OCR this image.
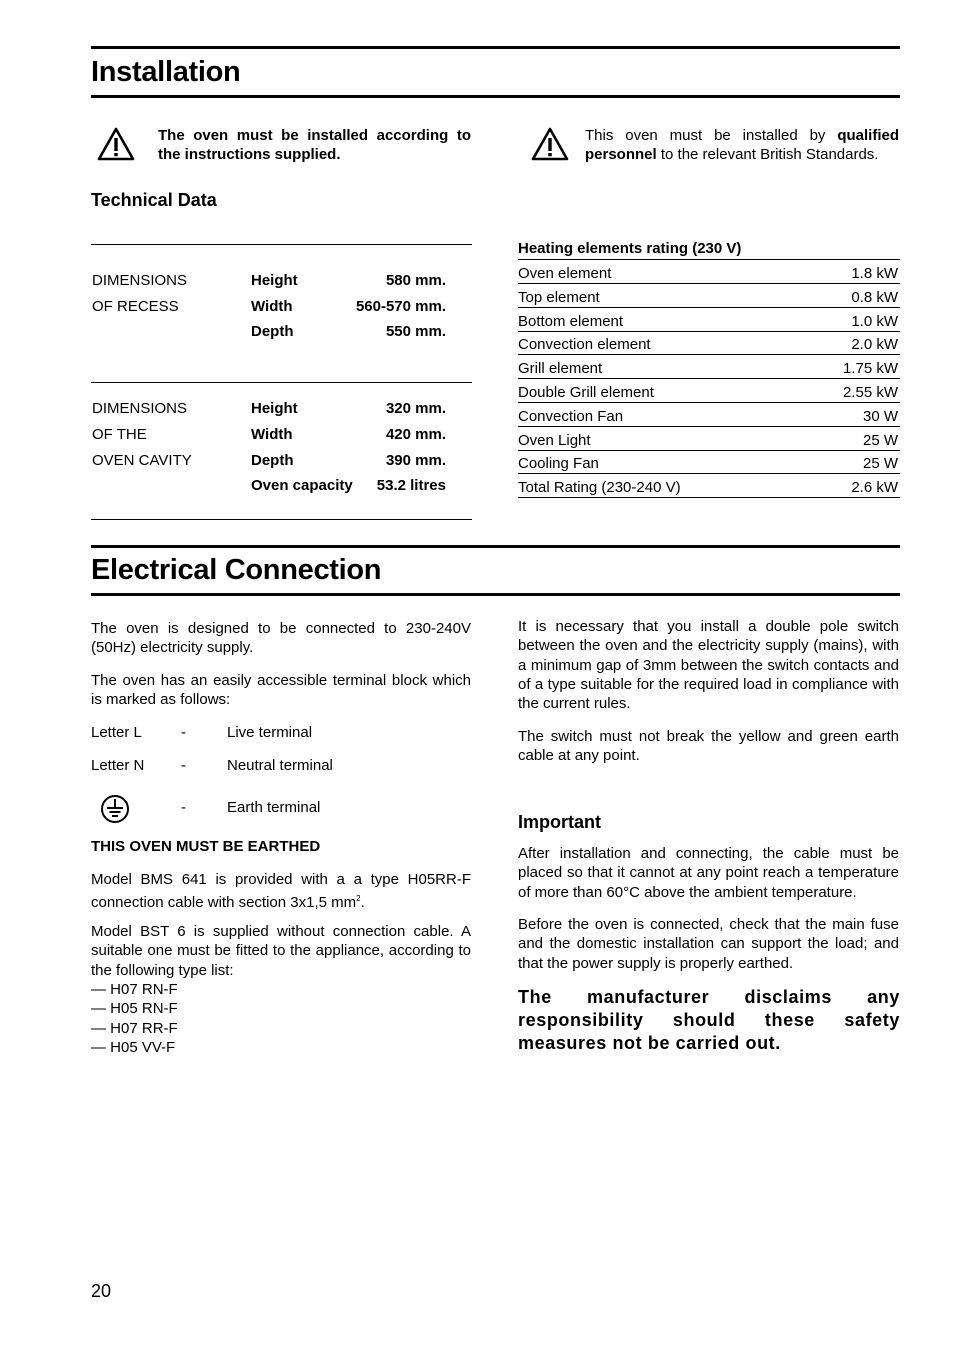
Installation
The oven must be installed according to the instructions supplied.
This oven must be installed by qualified personnel to the relevant British Standards.
Technical Data
DIMENSIONS
OF RECESS
Height	580 mm.
Width	560-570 mm.
Depth	550 mm.
DIMENSIONS
OF THE
OVEN CAVITY
Height	320 mm.
Width	420 mm.
Depth	390 mm.
Oven capacity	53.2 litres
Heating elements rating (230 V)
Oven element	1.8 kW
Top element	0.8 kW
Bottom element	1.0 kW
Convection element	2.0 kW
Grill element	1.75 kW
Double Grill element	2.55 kW
Convection Fan	30 W
Oven Light	25 W
Cooling Fan	25 W
Total Rating (230-240 V)	2.6 kW
Electrical Connection

The oven is designed to be connected to 230-240V (50Hz) electricity supply.

The oven has an easily accessible terminal block which is marked as follows:

Letter L	-	Live terminal
Letter N -	Neutral terminal
-	Earth terminal
THIS OVEN MUST BE EARTHED

Model BMS 641 is provided with a a type H05RR-F connection cable with section 3x1,5 $mm^2$.

Model BST 6 is supplied without connection cable. A suitable one must be fitted to the appliance, according to the following type list:

— H07 RN-F
— H05 RN-F
— H07 RR-F
— H05 VV-F

It is necessary that you install a double pole switch between the oven and the electricity supply (mains), with a minimum gap of 3mm between the switch contacts and of a type suitable for the required load in compliance with the current rules.

The switch must not break the yellow and green earth cable at any point.

Important

After installation and connecting, the cable must be placed so that it cannot at any point reach a temperature of more than 60°C above the ambient temperature.

Before the oven is connected, check that the main fuse and the domestic installation can support the load; and that the power supply is properly earthed.

The manufacturer disclaims any responsibility should these safety measures not be carried out.

20
